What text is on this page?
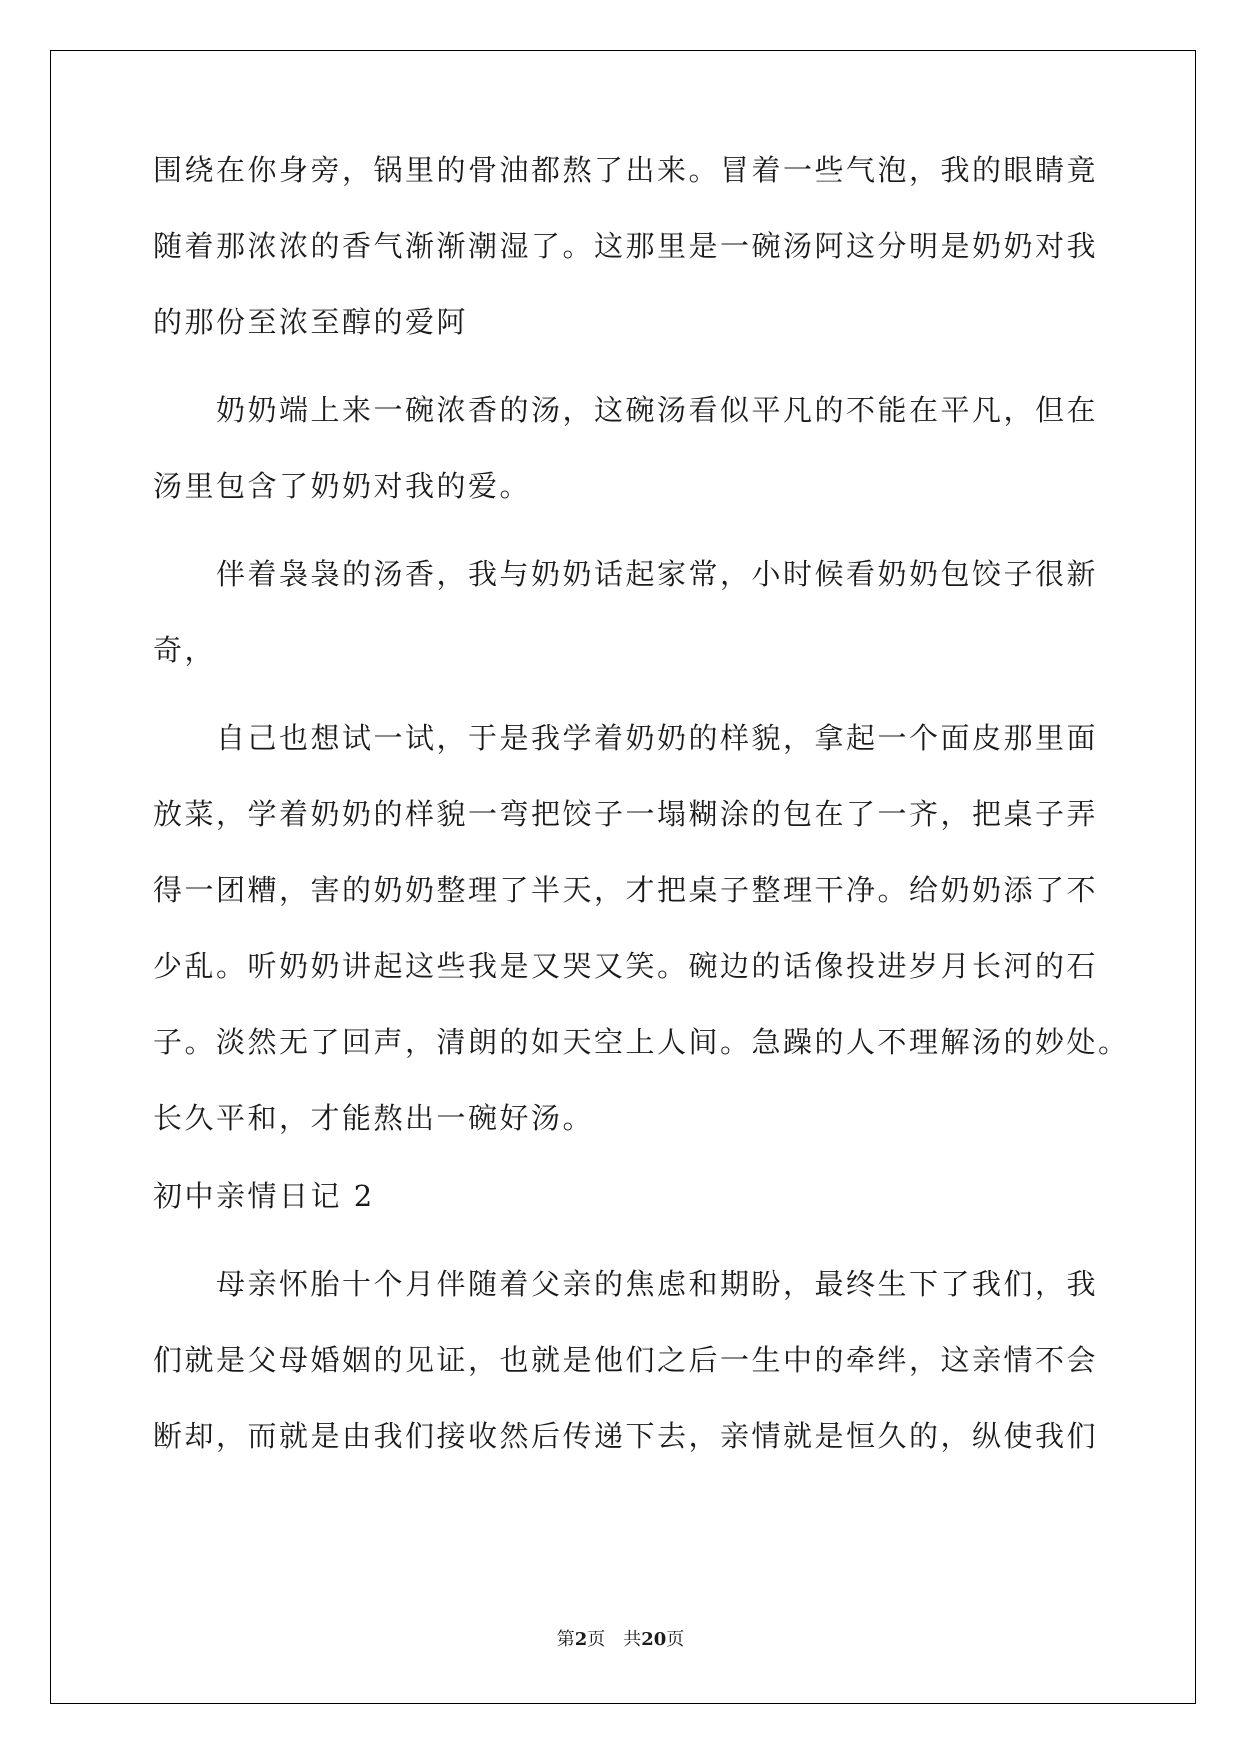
围绕在你身旁，锅里的骨油都熬了出来。冒着一些气泡，我的眼睛竟
随着那浓浓的香气渐渐潮湿了。这那里是一碗汤阿这分明是奶奶对我
的那份至浓至醇的爱阿
奶奶端上来一碗浓香的汤，这碗汤看似平凡的不能在平凡，但在
汤里包含了奶奶对我的爱。
伴着袅袅的汤香，我与奶奶话起家常，小时候看奶奶包饺子很新
奇，
自己也想试一试，于是我学着奶奶的样貌，拿起一个面皮那里面
放菜，学着奶奶的样貌一弯把饺子一塌糊涂的包在了一齐，把桌子弄
得一团糟，害的奶奶整理了半天，才把桌子整理干净。给奶奶添了不
少乱。听奶奶讲起这些我是又哭又笑。碗边的话像投进岁月长河的石
子。淡然无了回声，清朗的如天空上人间。急躁的人不理解汤的妙处。
长久平和，才能熬出一碗好汤。
初中亲情日记 2
母亲怀胎十个月伴随着父亲的焦虑和期盼，最终生下了我们，我
们就是父母婚姻的见证，也就是他们之后一生中的牵绊，这亲情不会
断却，而就是由我们接收然后传递下去，亲情就是恒久的，纵使我们
第2页 共20页
